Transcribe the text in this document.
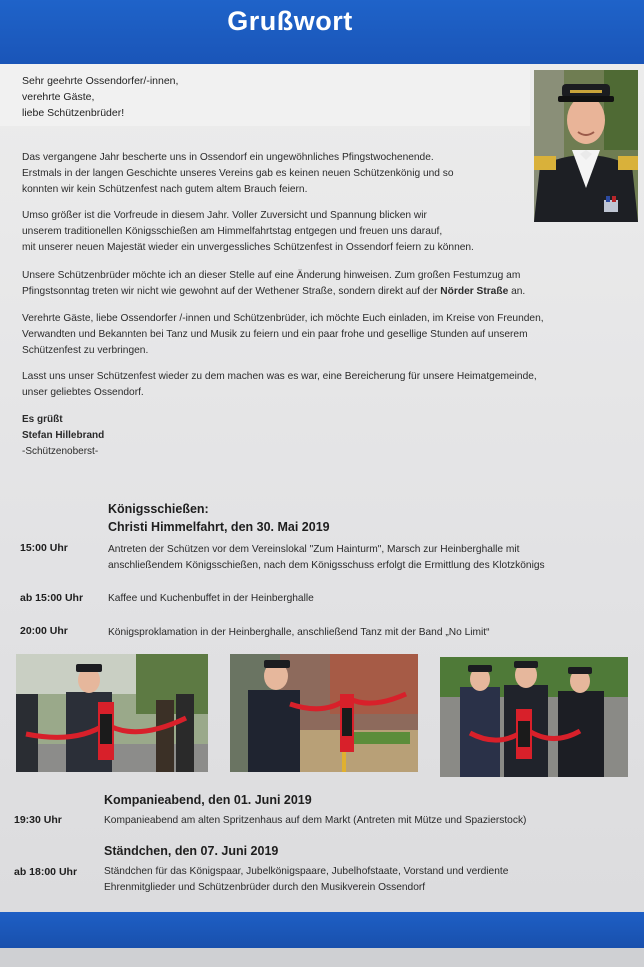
Grußwort
Sehr geehrte Ossendorfer/-innen,
verehrte Gäste,
liebe Schützenbrüder!
Das vergangene Jahr bescherte uns in Ossendorf ein ungewöhnliches Pfingstwochenende.
Erstmals in der langen Geschichte unseres Vereins gab es keinen neuen Schützenkönig und so
konnten wir kein Schützenfest nach gutem altem Brauch feiern.
Umso größer ist die Vorfreude in diesem Jahr. Voller Zuversicht und Spannung blicken wir
unserem traditionellen Königsschießen am Himmelfahrtstag entgegen und freuen uns darauf,
mit unserer neuen Majestät wieder ein unvergessliches Schützenfest in Ossendorf feiern zu können.
Unsere Schützenbrüder möchte ich an dieser Stelle auf eine Änderung hinweisen. Zum großen Festumzug am
Pfingstsonntag treten wir nicht wie gewohnt auf der Wethener Straße, sondern direkt auf der Nörder Straße an.
Verehrte Gäste, liebe Ossendorfer /-innen und Schützenbrüder, ich möchte Euch einladen, im Kreise von Freunden,
Verwandten und Bekannten bei Tanz und Musik zu feiern und ein paar frohe und gesellige Stunden auf unserem
Schützenfest zu verbringen.
Lasst uns unser Schützenfest wieder zu dem machen was es war, eine Bereicherung für unsere Heimatgemeinde,
unser geliebtes Ossendorf.
Es grüßt
Stefan Hillebrand
-Schützenoberst-
Königsschießen:
Christi Himmelfahrt, den 30. Mai 2019
15:00 Uhr	Antreten der Schützen vor dem Vereinslokal "Zum Hainturm", Marsch zur Heinberghalle mit
anschließendem Königsschießen, nach dem Königsschuss erfolgt die Ermittlung des Klotzkönigs
ab 15:00 Uhr Kaffee und Kuchenbuffet in der Heinberghalle
20:00 Uhr	Königsproklamation in der Heinberghalle, anschließend Tanz mit der Band „No Limit“
Kompanieabend, den 01. Juni 2019
19:30 Uhr	Kompanieabend am alten Spritzenhaus auf dem Markt (Antreten mit Mütze und Spazierstock)
Ständchen, den 07. Juni 2019
ab 18:00 Uhr	Ständchen für das Königspaar, Jubelkönigspaare, Jubelhofstaate, Vorstand und verdiente
Ehrenmitglieder und Schützenbrüder durch den Musikverein Ossendorf
